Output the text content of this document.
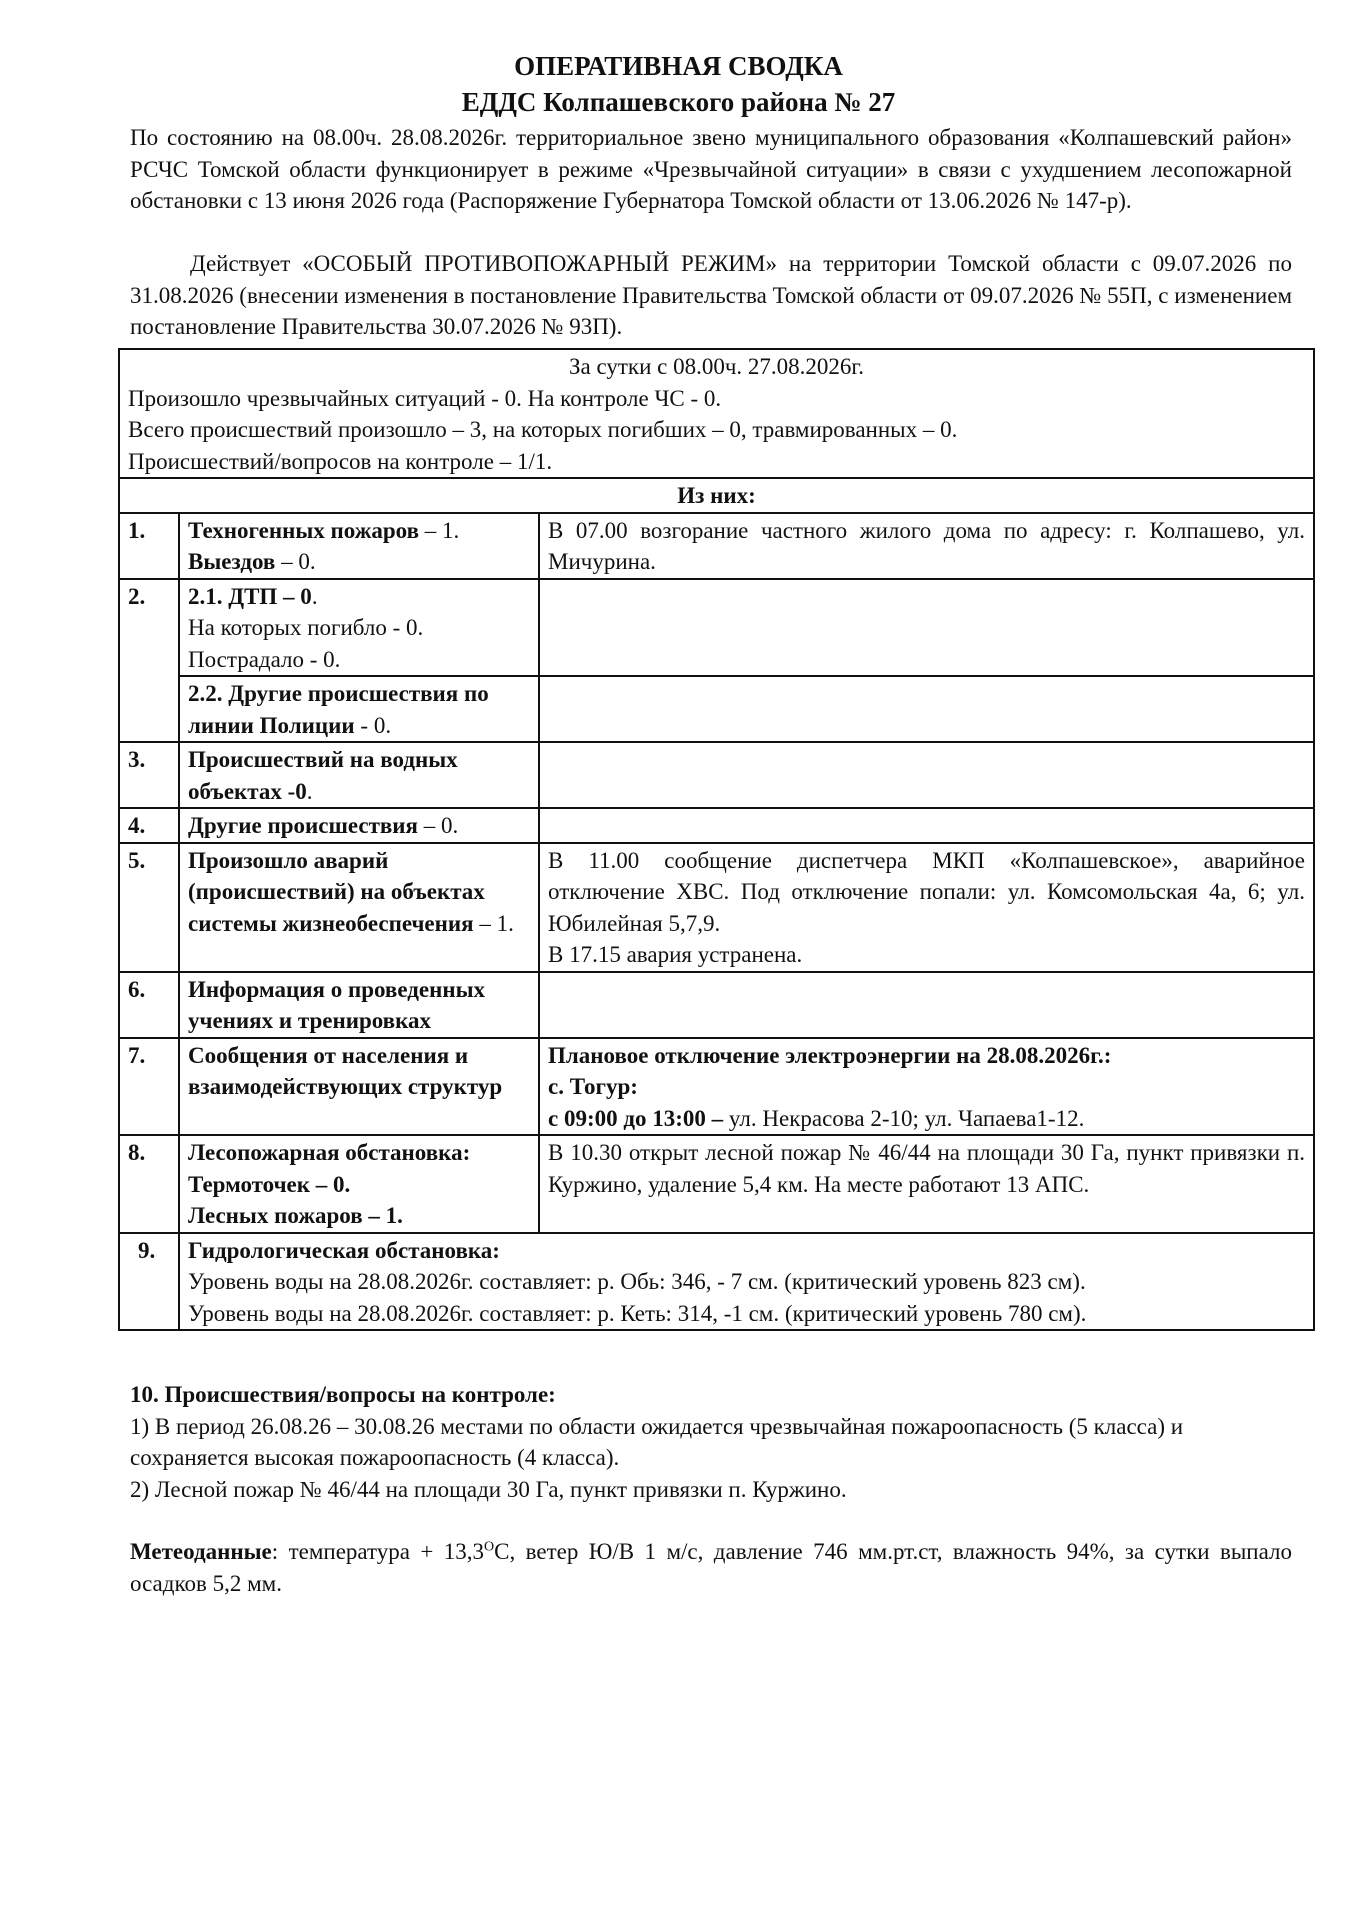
ОПЕРАТИВНАЯ СВОДКА
ЕДДС Колпашевского района № 27

По состоянию на 08.00ч. 28.08.2026г. территориальное звено муниципального образования «Колпашевский район» РСЧС Томской области функционирует в режиме «Чрезвычайной ситуации» в связи с ухудшением лесопожарной обстановки с 13 июня 2026 года (Распоряжение Губернатора Томской области от 13.06.2026 № 147-р).

Действует «ОСОБЫЙ ПРОТИВОПОЖАРНЫЙ РЕЖИМ» на территории Томской области с 09.07.2026 по 31.08.2026 (внесении изменения в постановление Правительства Томской области от 09.07.2026 № 55П, с изменением постановление Правительства 30.07.2026 № 93П).

За сутки с 08.00ч. 27.08.2026г.
Произошло чрезвычайных ситуаций - 0. На контроле ЧС - 0.
Всего происшествий произошло – 3, на которых погибших – 0, травмированных – 0.
Происшествий/вопросов на контроле – 1/1.		

Из них:		
1.	Техногенных пожаров – 1.
Выездов – 0.	В 07.00 возгорание частного жилого дома по адресу: г. Колпашево, ул. Мичурина.
2.	2.1. ДТП – 0.
На которых погибло - 0.
Пострадало - 0.	
	2.2. Другие происшествия по линии Полиции - 0.	
3.	Происшествий на водных объектах -0.	
4.	Другие происшествия – 0.	
5.	Произошло аварий (происшествий) на объектах системы жизнеобеспечения – 1.	В 11.00 сообщение диспетчера МКП «Колпашевское», аварийное отключение ХВС. Под отключение попали: ул. Комсомольская 4а, 6; ул. Юбилейная 5,7,9.
В 17.15 авария устранена.

6.	Информация о проведенных учениях и тренировках	
7.	Сообщения от населения и взаимодействующих структур	Плановое отключение электроэнергии на 28.08.2026г.:
с. Тогур:
с 09:00 до 13:00 – ул. Некрасова 2-10; ул. Чапаева1-12.

8.	Лесопожарная обстановка:
Термоточек – 0.
Лесных пожаров – 1.	В 10.30 открыт лесной пожар № 46/44 на площади 30 Га, пункт привязки п. Куржино, удаление 5,4 км. На месте работают 13 АПС.
9.	Гидрологическая обстановка:
Уровень воды на 28.08.2026г. составляет: р. Обь: 346, - 7 см. (критический уровень 823 см).
Уровень воды на 28.08.2026г. составляет: р. Кеть: 314, -1 см. (критический уровень 780 см).	
10. Происшествия/вопросы на контроле:
1) В период 26.08.26 – 30.08.26 местами по области ожидается чрезвычайная пожароопасность (5 класса) и сохраняется высокая пожароопасность (4 класса).
2) Лесной пожар № 46/44 на площади 30 Га, пункт привязки п. Куржино.

Метеоданные: температура + $13,3^ОС$, ветер Ю/В 1 м/с, давление 746 мм.рт.ст, влажность 94%, за сутки выпало осадков 5,2 мм.
